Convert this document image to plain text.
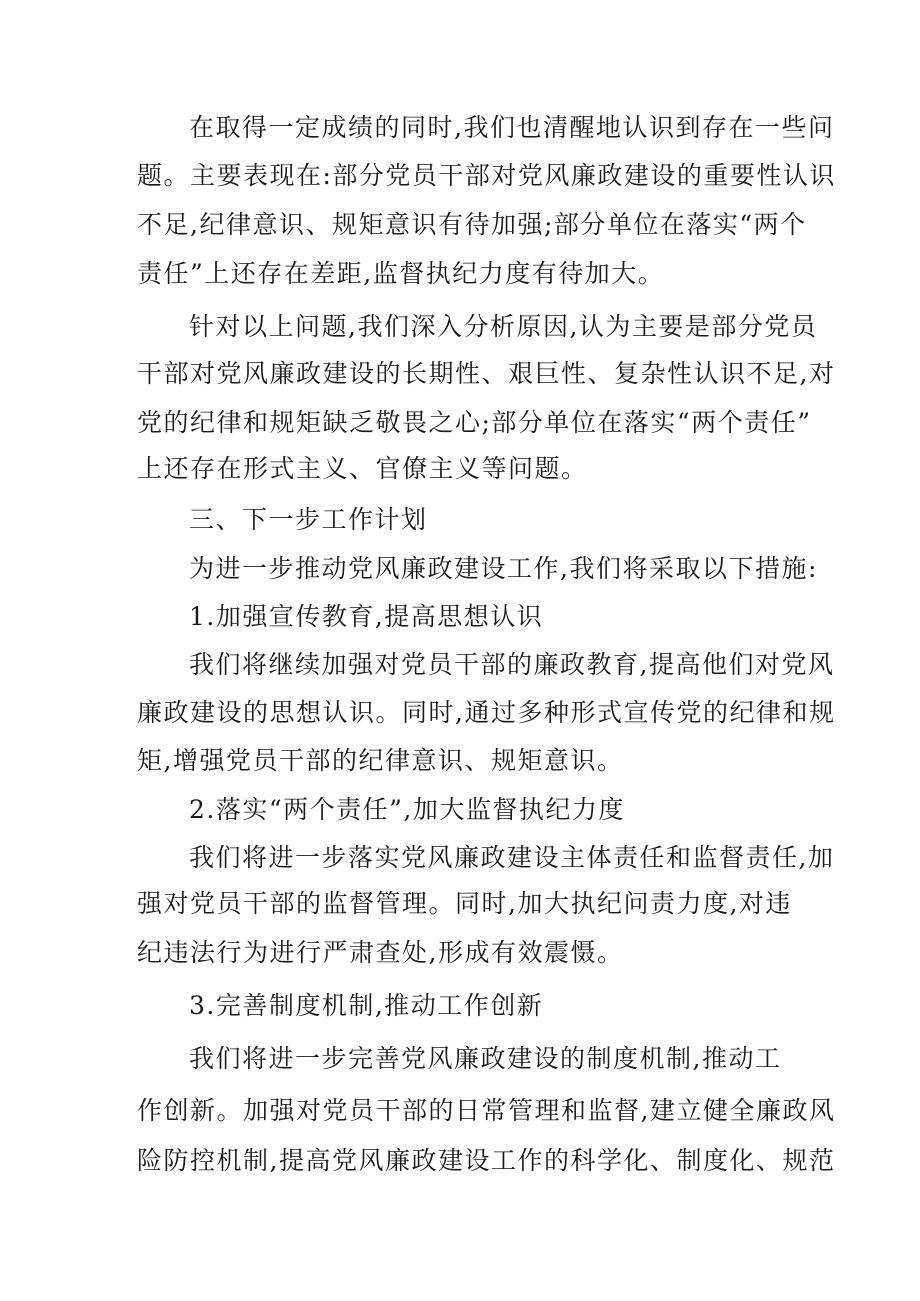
在取得一定成绩的同时,我们也清醒地认识到存在一些问
题。主要表现在:部分党员干部对党风廉政建设的重要性认识
不足,纪律意识、规矩意识有待加强;部分单位在落实“两个
责任”上还存在差距,监督执纪力度有待加大。
针对以上问题,我们深入分析原因,认为主要是部分党员
干部对党风廉政建设的长期性、艰巨性、复杂性认识不足,对
党的纪律和规矩缺乏敬畏之心;部分单位在落实“两个责任”
上还存在形式主义、官僚主义等问题。
三、下一步工作计划
为进一步推动党风廉政建设工作,我们将采取以下措施:
1.加强宣传教育,提高思想认识
我们将继续加强对党员干部的廉政教育,提高他们对党风
廉政建设的思想认识。同时,通过多种形式宣传党的纪律和规
矩,增强党员干部的纪律意识、规矩意识。
2.落实“两个责任”,加大监督执纪力度
我们将进一步落实党风廉政建设主体责任和监督责任,加
强对党员干部的监督管理。同时,加大执纪问责力度,对违
纪违法行为进行严肃查处,形成有效震慑。
3.完善制度机制,推动工作创新
我们将进一步完善党风廉政建设的制度机制,推动工
作创新。加强对党员干部的日常管理和监督,建立健全廉政风
险防控机制,提高党风廉政建设工作的科学化、制度化、规范
